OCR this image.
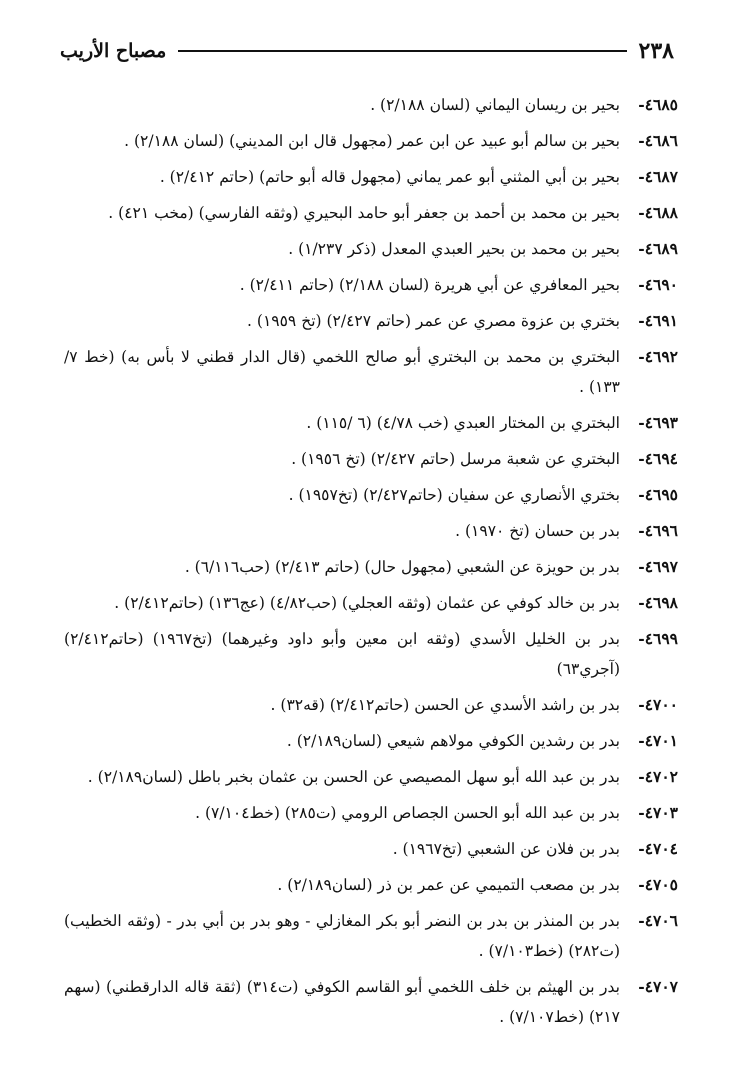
٢٣٨
مصباح الأريب
٤٦٨٥-
بحير بن ريسان اليماني (لسان ٢/١٨٨) .
٤٦٨٦-
بحير بن سالم أبو عبيد عن ابن عمر (مجهول قال ابن المديني) (لسان ٢/١٨٨) .
٤٦٨٧-
بحير بن أبي المثني أبو عمر يماني (مجهول قاله أبو حاتم) (حاتم ٢/٤١٢) .
٤٦٨٨-
بحير بن محمد بن أحمد بن جعفر أبو حامد البحيري (وثقه الفارسي) (مخب ٤٢١) .
٤٦٨٩-
بحير بن محمد بن بحير العبدي المعدل (ذكر ١/٢٣٧) .
٤٦٩٠-
بحير المعافري عن أبي هريرة (لسان ٢/١٨٨) (حاتم ٢/٤١١) .
٤٦٩١-
بختري بن عزوة مصري عن عمر (حاتم ٢/٤٢٧) (تخ ١٩٥٩) .
٤٦٩٢-
البختري بن محمد بن البختري أبو صالح اللخمي (قال الدار قطني لا بأس به) (خط ٧/ ١٣٣) .
٤٦٩٣-
البختري بن المختار العبدي (خب ٤/٧٨) (٦ /١١٥) .
٤٦٩٤-
البختري عن شعبة مرسل (حاتم ٢/٤٢٧) (تخ ١٩٥٦) .
٤٦٩٥-
بختري الأنصاري عن سفيان (حاتم٢/٤٢٧) (تخ١٩٥٧) .
٤٦٩٦-
بدر بن حسان (تخ ١٩٧٠) .
٤٦٩٧-
بدر بن حويزة عن الشعبي (مجهول حال) (حاتم ٢/٤١٣) (حب٦/١١٦) .
٤٦٩٨-
بدر بن خالد كوفي عن عثمان (وثقه العجلي) (حب٤/٨٢) (عج١٣٦) (حاتم٢/٤١٢) .
٤٦٩٩-
بدر بن الخليل الأسدي (وثقه ابن معين وأبو داود وغيرهما) (تخ١٩٦٧) (حاتم٢/٤١٢) (آجري٦٣)
٤٧٠٠-
بدر بن راشد الأسدي عن الحسن (حاتم٢/٤١٢) (قه٣٢) .
٤٧٠١-
بدر بن رشدين الكوفي مولاهم شيعي (لسان٢/١٨٩) .
٤٧٠٢-
بدر بن عبد الله أبو سهل المصيصي عن الحسن بن عثمان بخبر باطل (لسان٢/١٨٩) .
٤٧٠٣-
بدر بن عبد الله أبو الحسن الجصاص الرومي (ت٢٨٥) (خط٧/١٠٤) .
٤٧٠٤-
بدر بن فلان عن الشعبي (تخ١٩٦٧) .
٤٧٠٥-
بدر بن مصعب التميمي عن عمر بن ذر (لسان٢/١٨٩) .
٤٧٠٦-
بدر بن المنذر بن بدر بن النضر أبو بكر المغازلي - وهو بدر بن أبي بدر - (وثقه الخطيب) (ت٢٨٢) (خط٧/١٠٣) .
٤٧٠٧-
بدر بن الهيثم بن خلف اللخمي أبو القاسم الكوفي (ت٣١٤) (ثقة قاله الدارقطني) (سهم ٢١٧) (خط٧/١٠٧) .
